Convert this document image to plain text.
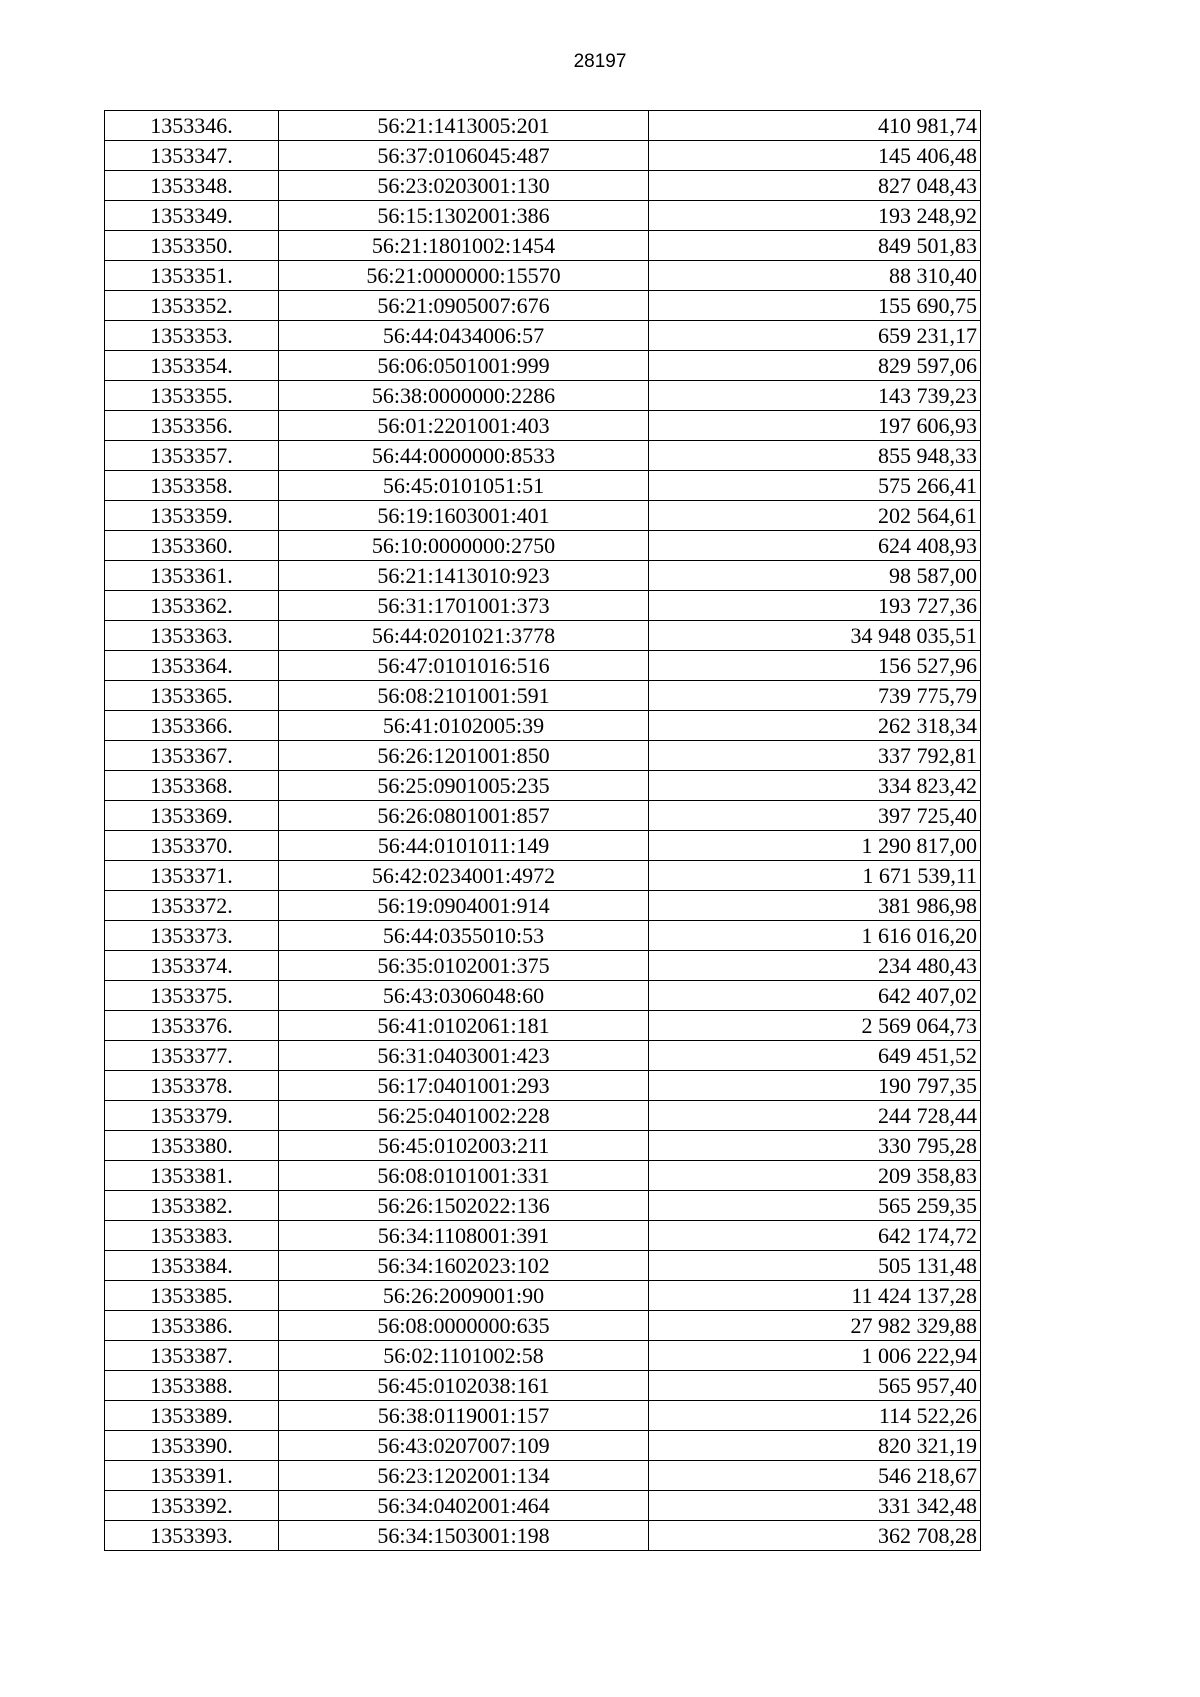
28197
1353346.	56:21:1413005:201	410 981,74
1353347.	56:37:0106045:487	145 406,48
1353348.	56:23:0203001:130	827 048,43
1353349.	56:15:1302001:386	193 248,92
1353350.	56:21:1801002:1454	849 501,83
1353351.	56:21:0000000:15570	88 310,40
1353352.	56:21:0905007:676	155 690,75
1353353.	56:44:0434006:57	659 231,17
1353354.	56:06:0501001:999	829 597,06
1353355.	56:38:0000000:2286	143 739,23
1353356.	56:01:2201001:403	197 606,93
1353357.	56:44:0000000:8533	855 948,33
1353358.	56:45:0101051:51	575 266,41
1353359.	56:19:1603001:401	202 564,61
1353360.	56:10:0000000:2750	624 408,93
1353361.	56:21:1413010:923	98 587,00
1353362.	56:31:1701001:373	193 727,36
1353363.	56:44:0201021:3778	34 948 035,51
1353364.	56:47:0101016:516	156 527,96
1353365.	56:08:2101001:591	739 775,79
1353366.	56:41:0102005:39	262 318,34
1353367.	56:26:1201001:850	337 792,81
1353368.	56:25:0901005:235	334 823,42
1353369.	56:26:0801001:857	397 725,40
1353370.	56:44:0101011:149	1 290 817,00
1353371.	56:42:0234001:4972	1 671 539,11
1353372.	56:19:0904001:914	381 986,98
1353373.	56:44:0355010:53	1 616 016,20
1353374.	56:35:0102001:375	234 480,43
1353375.	56:43:0306048:60	642 407,02
1353376.	56:41:0102061:181	2 569 064,73
1353377.	56:31:0403001:423	649 451,52
1353378.	56:17:0401001:293	190 797,35
1353379.	56:25:0401002:228	244 728,44
1353380.	56:45:0102003:211	330 795,28
1353381.	56:08:0101001:331	209 358,83
1353382.	56:26:1502022:136	565 259,35
1353383.	56:34:1108001:391	642 174,72
1353384.	56:34:1602023:102	505 131,48
1353385.	56:26:2009001:90	11 424 137,28
1353386.	56:08:0000000:635	27 982 329,88
1353387.	56:02:1101002:58	1 006 222,94
1353388.	56:45:0102038:161	565 957,40
1353389.	56:38:0119001:157	114 522,26
1353390.	56:43:0207007:109	820 321,19
1353391.	56:23:1202001:134	546 218,67
1353392.	56:34:0402001:464	331 342,48
1353393.	56:34:1503001:198	362 708,28
